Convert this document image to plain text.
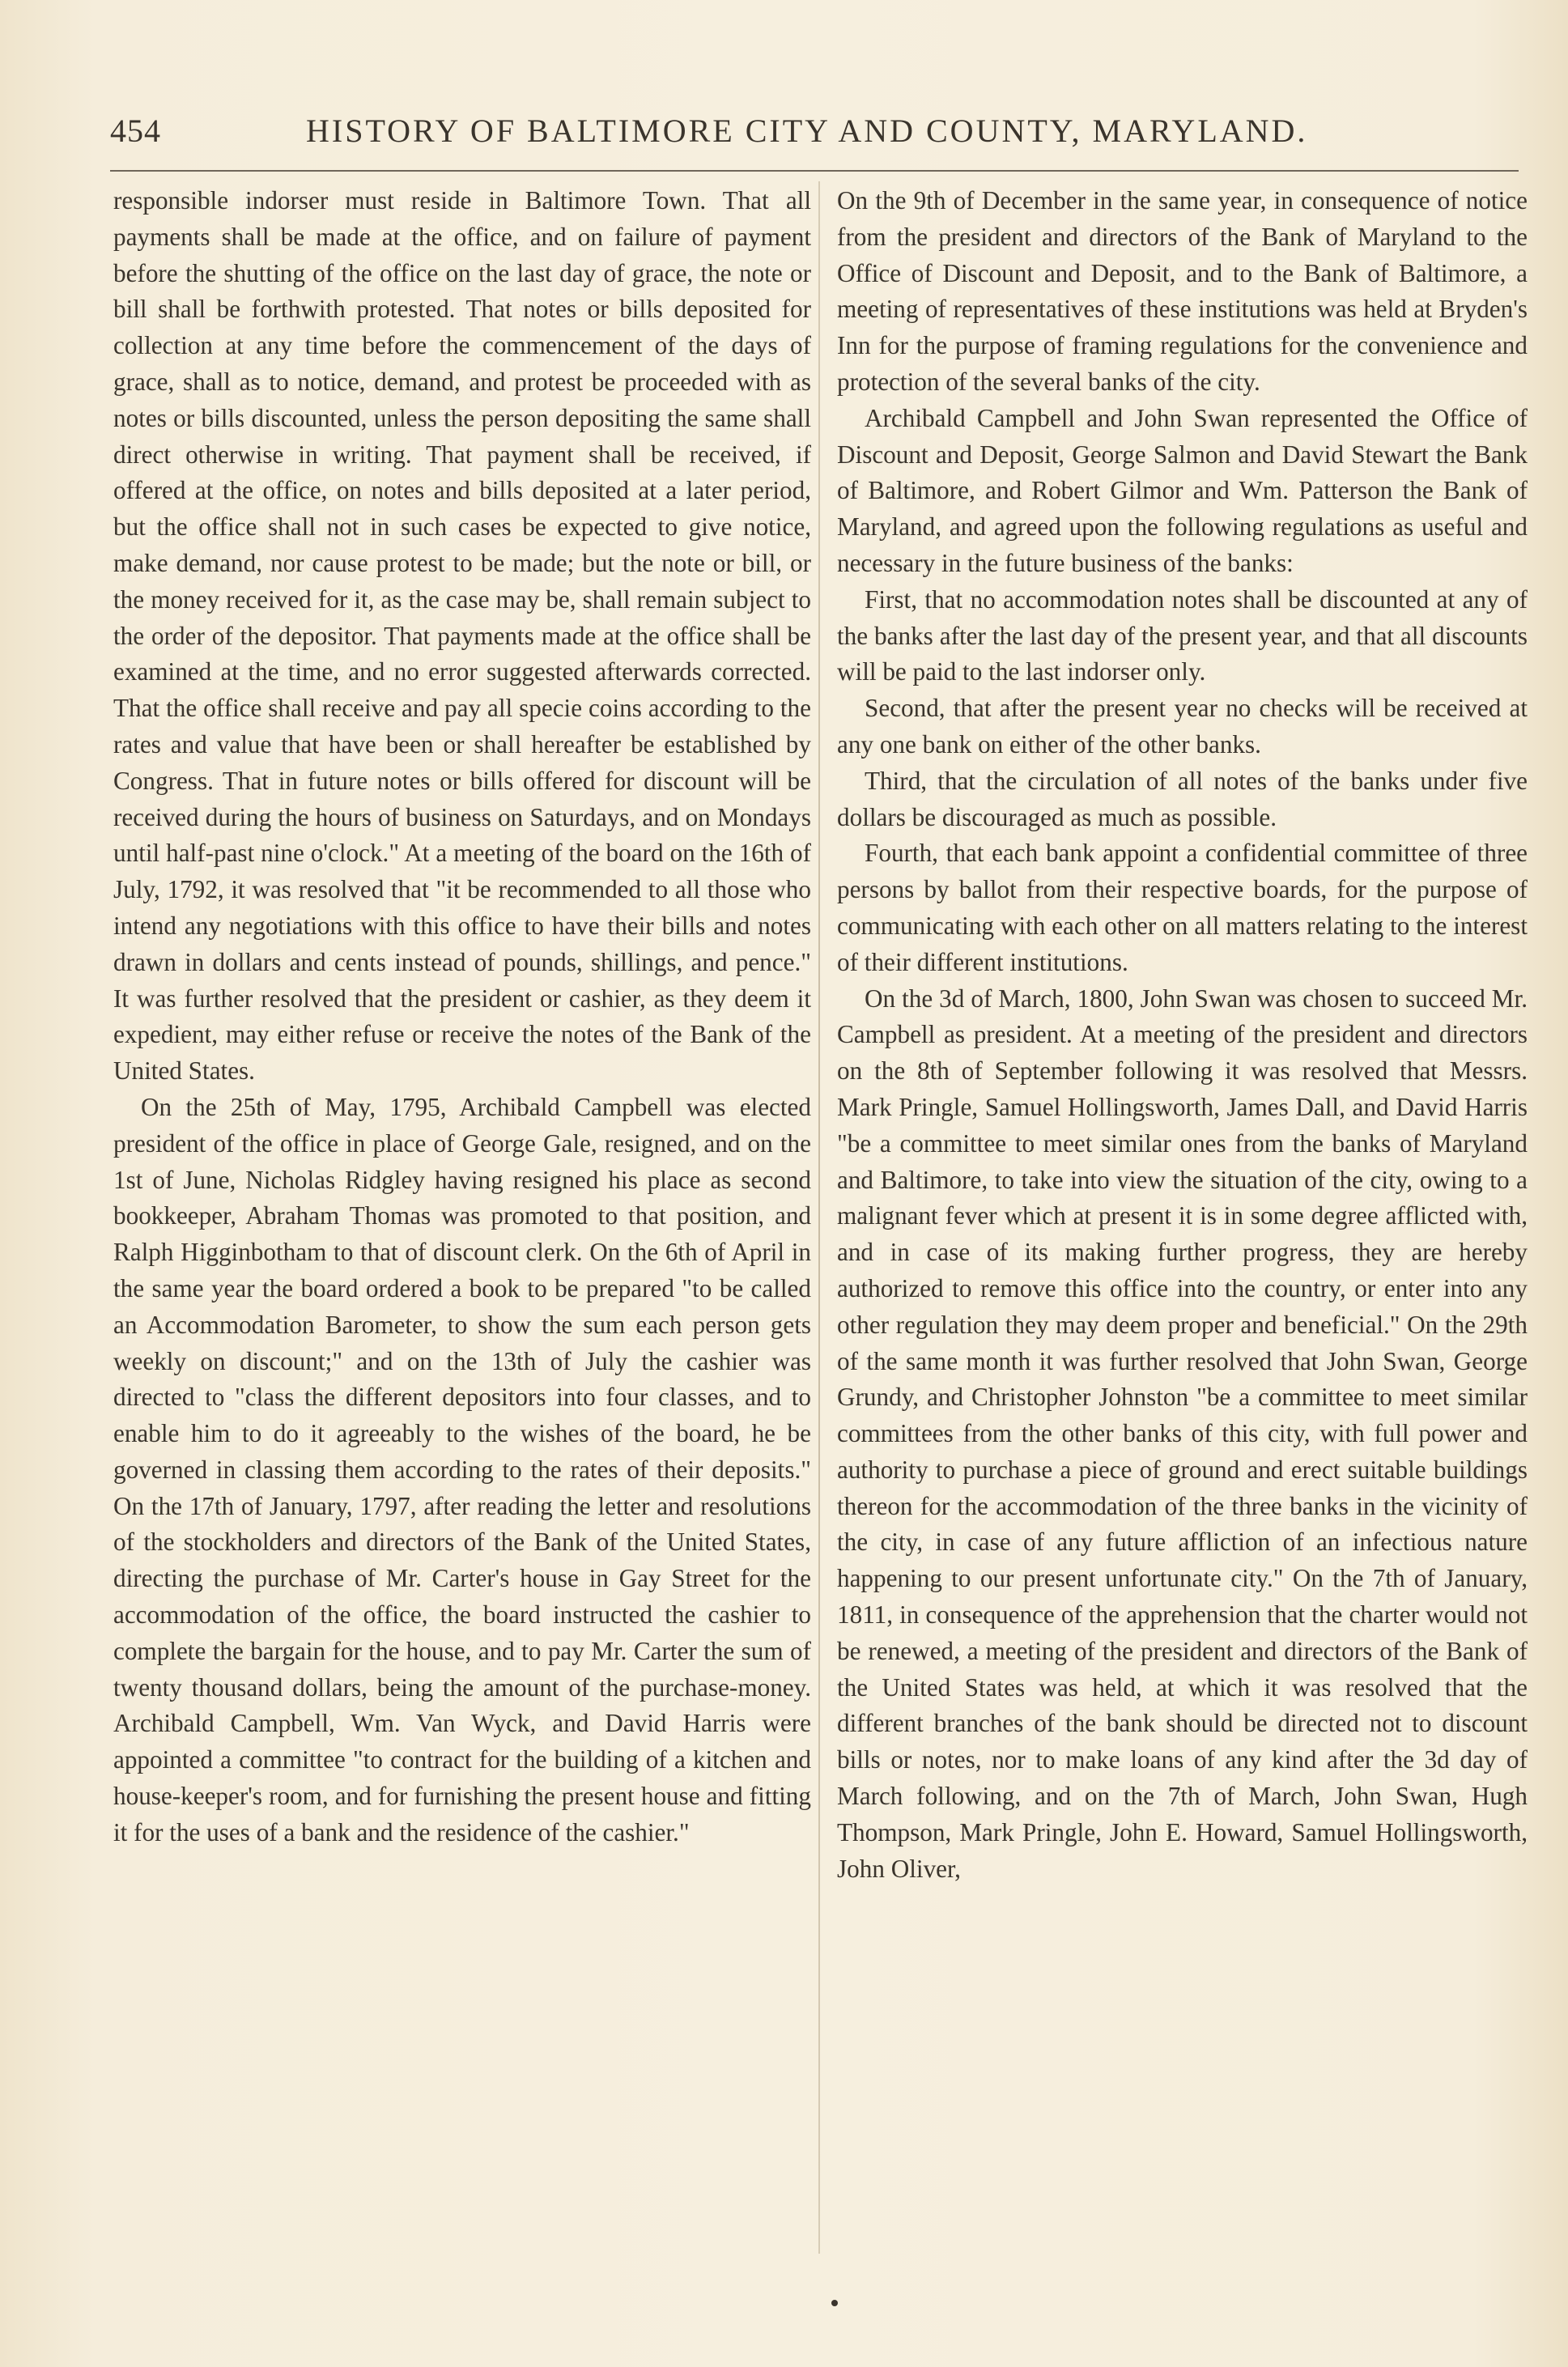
454	HISTORY OF BALTIMORE CITY AND COUNTY, MARYLAND.

responsible indorser must reside in Baltimore Town. That all payments shall be made at the office, and on failure of payment before the shutting of the office on the last day of grace, the note or bill shall be forthwith protested. That notes or bills deposited for collection at any time before the commencement of the days of grace, shall as to notice, demand, and protest be proceeded with as notes or bills discounted, unless the person depositing the same shall direct otherwise in writing. That payment shall be received, if offered at the office, on notes and bills deposited at a later period, but the office shall not in such cases be expected to give notice, make demand, nor cause protest to be made; but the note or bill, or the money received for it, as the case may be, shall remain subject to the order of the depositor. That payments made at the office shall be examined at the time, and no error suggested afterwards corrected. That the office shall receive and pay all specie coins according to the rates and value that have been or shall hereafter be established by Congress. That in future notes or bills offered for discount will be received during the hours of business on Saturdays, and on Mondays until half-past nine o'clock." At a meeting of the board on the 16th of July, 1792, it was resolved that "it be recommended to all those who intend any negotiations with this office to have their bills and notes drawn in dollars and cents instead of pounds, shillings, and pence." It was further resolved that the president or cashier, as they deem it expedient, may either refuse or receive the notes of the Bank of the United States.

On the 25th of May, 1795, Archibald Campbell was elected president of the office in place of George Gale, resigned, and on the 1st of June, Nicholas Ridgley having resigned his place as second bookkeeper, Abraham Thomas was promoted to that position, and Ralph Higginbotham to that of discount clerk. On the 6th of April in the same year the board ordered a book to be prepared "to be called an Accommodation Barometer, to show the sum each person gets weekly on discount;" and on the 13th of July the cashier was directed to "class the different depositors into four classes, and to enable him to do it agreeably to the wishes of the board, he be governed in classing them according to the rates of their deposits." On the 17th of January, 1797, after reading the letter and resolutions of the stockholders and directors of the Bank of the United States, directing the purchase of Mr. Carter's house in Gay Street for the accommodation of the office, the board instructed the cashier to complete the bargain for the house, and to pay Mr. Carter the sum of twenty thousand dollars, being the amount of the purchase-money. Archibald Campbell, Wm. Van Wyck, and David Harris were appointed a committee "to contract for the building of a kitchen and house-keeper's room, and for furnishing the present house and fitting it for the uses of a bank and the residence of the cashier."

On the 9th of December in the same year, in consequence of notice from the president and directors of the Bank of Maryland to the Office of Discount and Deposit, and to the Bank of Baltimore, a meeting of representatives of these institutions was held at Bryden's Inn for the purpose of framing regulations for the convenience and protection of the several banks of the city.

Archibald Campbell and John Swan represented the Office of Discount and Deposit, George Salmon and David Stewart the Bank of Baltimore, and Robert Gilmor and Wm. Patterson the Bank of Maryland, and agreed upon the following regulations as useful and necessary in the future business of the banks:

First, that no accommodation notes shall be discounted at any of the banks after the last day of the present year, and that all discounts will be paid to the last indorser only.

Second, that after the present year no checks will be received at any one bank on either of the other banks.

Third, that the circulation of all notes of the banks under five dollars be discouraged as much as possible.

Fourth, that each bank appoint a confidential committee of three persons by ballot from their respective boards, for the purpose of communicating with each other on all matters relating to the interest of their different institutions.

On the 3d of March, 1800, John Swan was chosen to succeed Mr. Campbell as president. At a meeting of the president and directors on the 8th of September following it was resolved that Messrs. Mark Pringle, Samuel Hollingsworth, James Dall, and David Harris "be a committee to meet similar ones from the banks of Maryland and Baltimore, to take into view the situation of the city, owing to a malignant fever which at present it is in some degree afflicted with, and in case of its making further progress, they are hereby authorized to remove this office into the country, or enter into any other regulation they may deem proper and beneficial." On the 29th of the same month it was further resolved that John Swan, George Grundy, and Christopher Johnston "be a committee to meet similar committees from the other banks of this city, with full power and authority to purchase a piece of ground and erect suitable buildings thereon for the accommodation of the three banks in the vicinity of the city, in case of any future affliction of an infectious nature happening to our present unfortunate city." On the 7th of January, 1811, in consequence of the apprehension that the charter would not be renewed, a meeting of the president and directors of the Bank of the United States was held, at which it was resolved that the different branches of the bank should be directed not to discount bills or notes, nor to make loans of any kind after the 3d day of March following, and on the 7th of March, John Swan, Hugh Thompson, Mark Pringle, John E. Howard, Samuel Hollingsworth, John Oliver,
